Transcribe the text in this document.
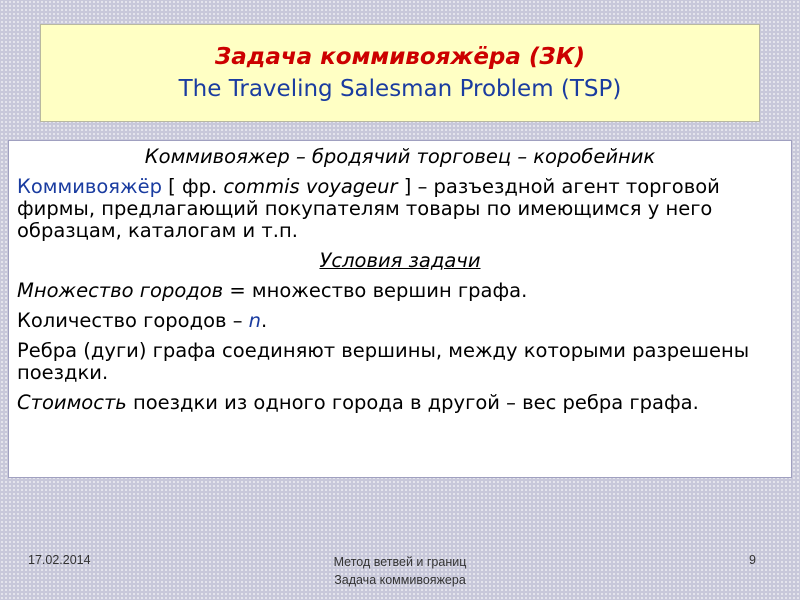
Задача коммивояжёра (ЗК)
The Traveling Salesman Problem (TSP)

Коммивояжер – бродячий торговец – коробейник

Коммивояжёр [ фр. commis voyageur ] – разъездной агент торговой фирмы, предлагающий покупателям товары по имеющимся у него образцам, каталогам и т.п.

Условия задачи

Множество городов = множество вершин графа.

Количество городов – n.

Ребра (дуги) графа соединяют вершины, между которыми разрешены поездки.

Стоимость поездки из одного города в другой – вес ребра графа.

17.02.2014	Метод ветвей и границ
Задача коммивояжера
9
